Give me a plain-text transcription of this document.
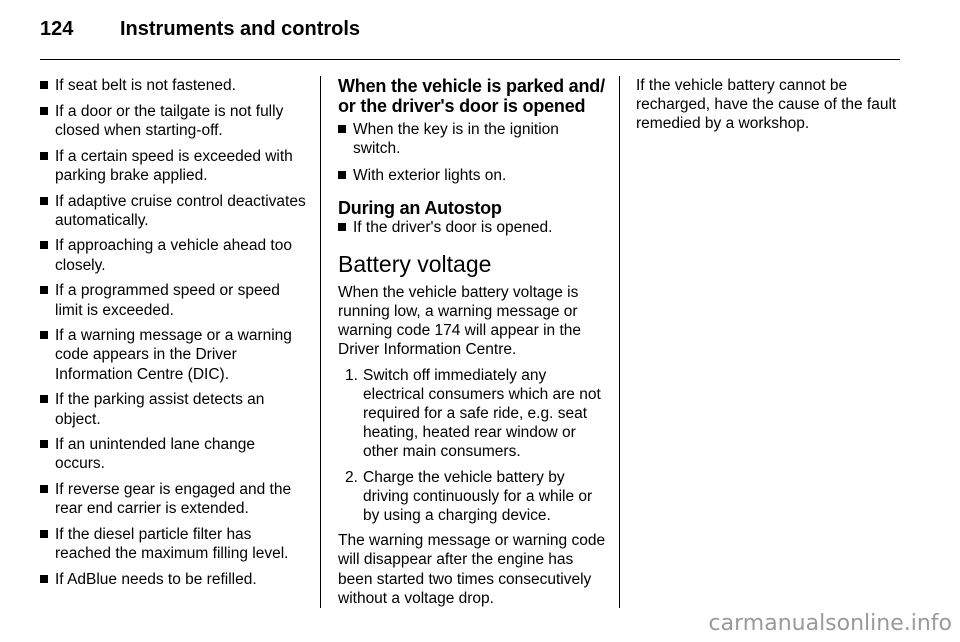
124 Instruments and controls
If seat belt is not fastened.
If a door or the tailgate is not fully closed when starting-off.
If a certain speed is exceeded with parking brake applied.
If adaptive cruise control deactivates automatically.
If approaching a vehicle ahead too closely.
If a programmed speed or speed limit is exceeded.
If a warning message or a warning code appears in the Driver Information Centre (DIC).
If the parking assist detects an object.
If an unintended lane change occurs.
If reverse gear is engaged and the rear end carrier is extended.
If the diesel particle filter has reached the maximum filling level.
If AdBlue needs to be refilled.
When the vehicle is parked and/ or the driver's door is opened
When the key is in the ignition switch.
With exterior lights on.
During an Autostop
If the driver's door is opened.
Battery voltage

When the vehicle battery voltage is running low, a warning message or warning code 174 will appear in the Driver Information Centre.

1. Switch off immediately any electrical consumers which are not required for a safe ride, e.g. seat heating, heated rear window or other main consumers.
2. Charge the vehicle battery by driving continuously for a while or by using a charging device.

The warning message or warning code will disappear after the engine has been started two times consecutively without a voltage drop.

If the vehicle battery cannot be recharged, have the cause of the fault remedied by a workshop.

carmanualsonline.info
